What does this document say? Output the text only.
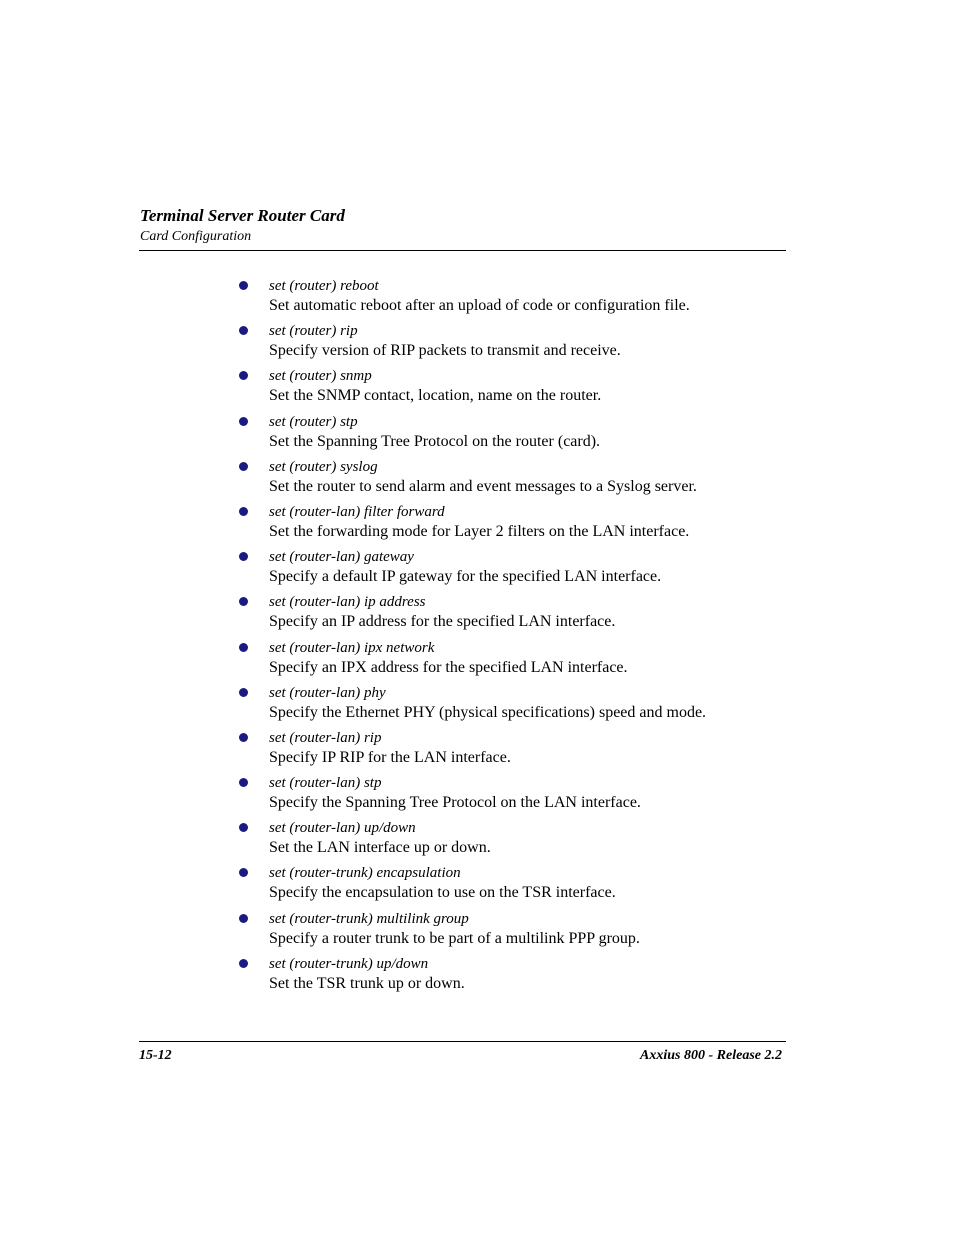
Terminal Server Router Card
Card Configuration
set (router) reboot
Set automatic reboot after an upload of code or configuration file.
set (router) rip
Specify version of RIP packets to transmit and receive.
set (router) snmp
Set the SNMP contact, location, name on the router.
set (router) stp
Set the Spanning Tree Protocol on the router (card).
set (router) syslog
Set the router to send alarm and event messages to a Syslog server.
set (router-lan) filter forward
Set the forwarding mode for Layer 2 filters on the LAN interface.
set (router-lan) gateway
Specify a default IP gateway for the specified LAN interface.
set (router-lan) ip address
Specify an IP address for the specified LAN interface.
set (router-lan) ipx network
Specify an IPX address for the specified LAN interface.
set (router-lan) phy
Specify the Ethernet PHY (physical specifications) speed and mode.
set (router-lan) rip
Specify IP RIP for the LAN interface.
set (router-lan) stp
Specify the Spanning Tree Protocol on the LAN interface.
set (router-lan) up/down
Set the LAN interface up or down.
set (router-trunk) encapsulation
Specify the encapsulation to use on the TSR interface.
set (router-trunk) multilink group
Specify a router trunk to be part of a multilink PPP group.
set (router-trunk) up/down
Set the TSR trunk up or down.
15-12	Axxius 800 - Release 2.2
